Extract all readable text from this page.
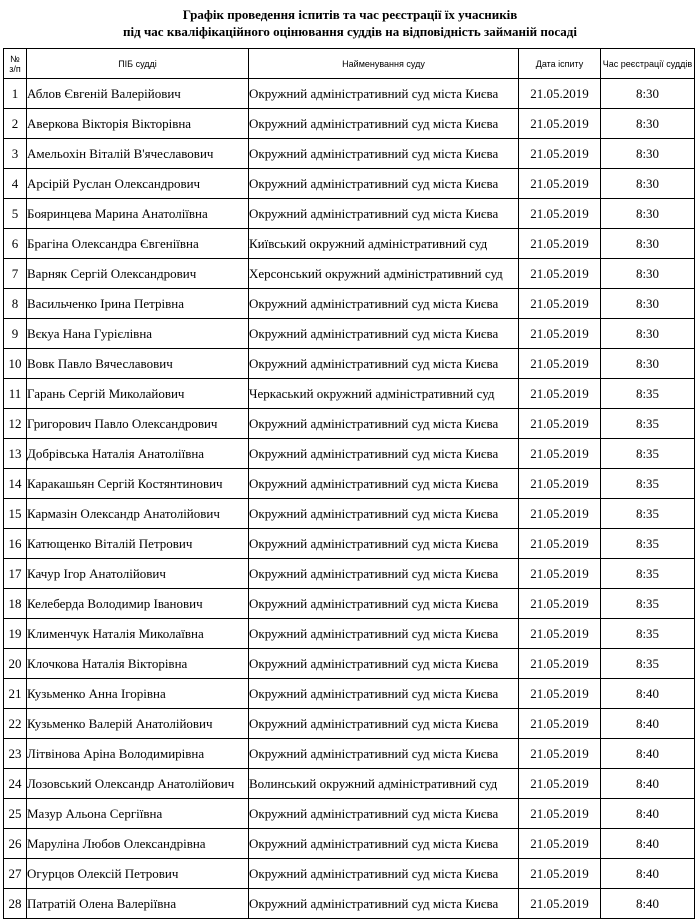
Графік проведення іспитів та час реєстрації їх учасників
під час кваліфікаційного оцінювання суддів на відповідність займаній посаді
№
з/п	ПІБ судді	Найменування суду	Дата іспиту	Час реєстрації суддів
1	Аблов Євгеній Валерійович	Окружний адміністративний суд міста Києва	21.05.2019	8:30
2	Аверкова Вікторія Вікторівна	Окружний адміністративний суд міста Києва	21.05.2019	8:30
3	Амельохін Віталій В'ячеславович	Окружний адміністративний суд міста Києва	21.05.2019	8:30
4	Арсірій Руслан Олександрович	Окружний адміністративний суд міста Києва	21.05.2019	8:30
5	Бояринцева Марина Анатоліївна	Окружний адміністративний суд міста Києва	21.05.2019	8:30
6	Брагіна Олександра Євгеніївна	Київський окружний адміністративний суд	21.05.2019	8:30
7	Варняк Сергій Олександрович	Херсонський окружний адміністративний суд	21.05.2019	8:30
8	Васильченко Ірина Петрівна	Окружний адміністративний суд міста Києва	21.05.2019	8:30
9	Вєкуа Нана Гурієлівна	Окружний адміністративний суд міста Києва	21.05.2019	8:30
10	Вовк Павло Вячеславович	Окружний адміністративний суд міста Києва	21.05.2019	8:30
11	Гарань Сергій Миколайович	Черкаський окружний адміністративний суд	21.05.2019	8:35
12	Григорович Павло Олександрович	Окружний адміністративний суд міста Києва	21.05.2019	8:35
13	Добрівська Наталія Анатоліївна	Окружний адміністративний суд міста Києва	21.05.2019	8:35
14	Каракашьян Сергій Костянтинович	Окружний адміністративний суд міста Києва	21.05.2019	8:35
15	Кармазін Олександр Анатолійович	Окружний адміністративний суд міста Києва	21.05.2019	8:35
16	Катющенко Віталій Петрович	Окружний адміністративний суд міста Києва	21.05.2019	8:35
17	Качур Ігор Анатолійович	Окружний адміністративний суд міста Києва	21.05.2019	8:35
18	Келеберда Володимир Іванович	Окружний адміністративний суд міста Києва	21.05.2019	8:35
19	Клименчук Наталія Миколаївна	Окружний адміністративний суд міста Києва	21.05.2019	8:35
20	Клочкова Наталія Вікторівна	Окружний адміністративний суд міста Києва	21.05.2019	8:35
21	Кузьменко Анна Ігорівна	Окружний адміністративний суд міста Києва	21.05.2019	8:40
22	Кузьменко Валерій Анатолійович	Окружний адміністративний суд міста Києва	21.05.2019	8:40
23	Літвінова Аріна Володимирівна	Окружний адміністративний суд міста Києва	21.05.2019	8:40
24	Лозовський Олександр Анатолійович	Волинський окружний адміністративний суд	21.05.2019	8:40
25	Мазур Альона Сергіївна	Окружний адміністративний суд міста Києва	21.05.2019	8:40
26	Маруліна Любов Олександрівна	Окружний адміністративний суд міста Києва	21.05.2019	8:40
27	Огурцов Олексій Петрович	Окружний адміністративний суд міста Києва	21.05.2019	8:40
28	Патратій Олена Валеріївна	Окружний адміністративний суд міста Києва	21.05.2019	8:40
